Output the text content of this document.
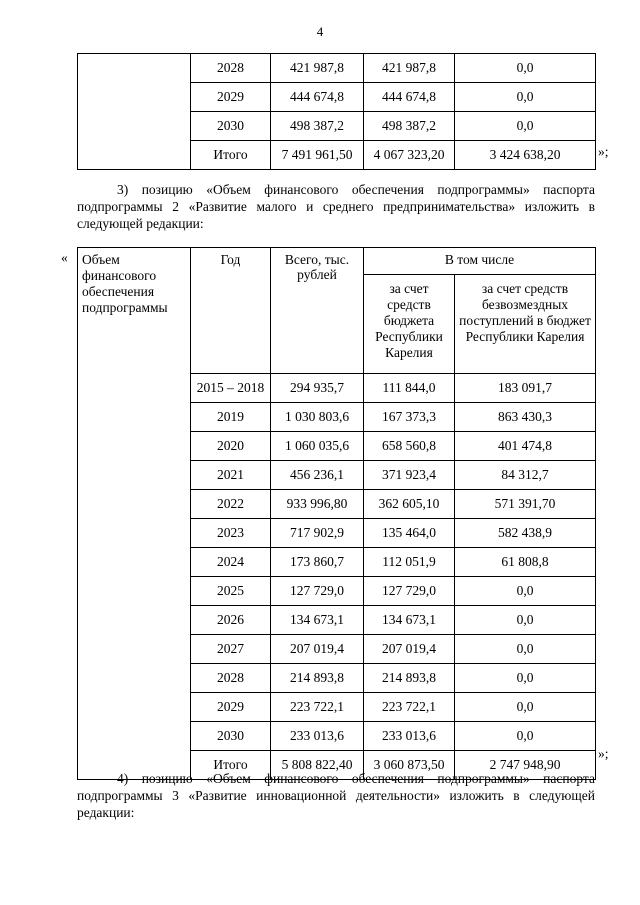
4
	2028	421 987,8	421 987,8	0,0
	2029	444 674,8	444 674,8	0,0
	2030	498 387,2	498 387,2	0,0
	Итого	7 491 961,50	4 067 323,20	3 424 638,20	»;
3) позицию «Объем финансового обеспечения подпрограммы» паспорта подпрограммы 2 «Развитие малого и среднего предпринимательства» изложить в следующей редакции:
« Объем финансового обеспечения подпрограммы	Год	Всего, тыс. рублей	В том числе	
			за счет средств бюджета Республики Карелия	за счет средств безвозмездных поступлений в бюджет Республики Карелия
	2015 – 2018	294 935,7	111 844,0	183 091,7
	2019	1 030 803,6	167 373,3	863 430,3
	2020	1 060 035,6	658 560,8	401 474,8
	2021	456 236,1	371 923,4	84 312,7
	2022	933 996,80	362 605,10	571 391,70
	2023	717 902,9	135 464,0	582 438,9
	2024	173 860,7	112 051,9	61 808,8
	2025	127 729,0	127 729,0	0,0
	2026	134 673,1	134 673,1	0,0
	2027	207 019,4	207 019,4	0,0
	2028	214 893,8	214 893,8	0,0
	2029	223 722,1	223 722,1	0,0
	2030	233 013,6	233 013,6	0,0
	Итого	5 808 822,40	3 060 873,50	2 747 948,90
»;
4) позицию «Объем финансового обеспечения подпрограммы» паспорта подпрограммы 3 «Развитие инновационной деятельности» изложить в следующей редакции:
